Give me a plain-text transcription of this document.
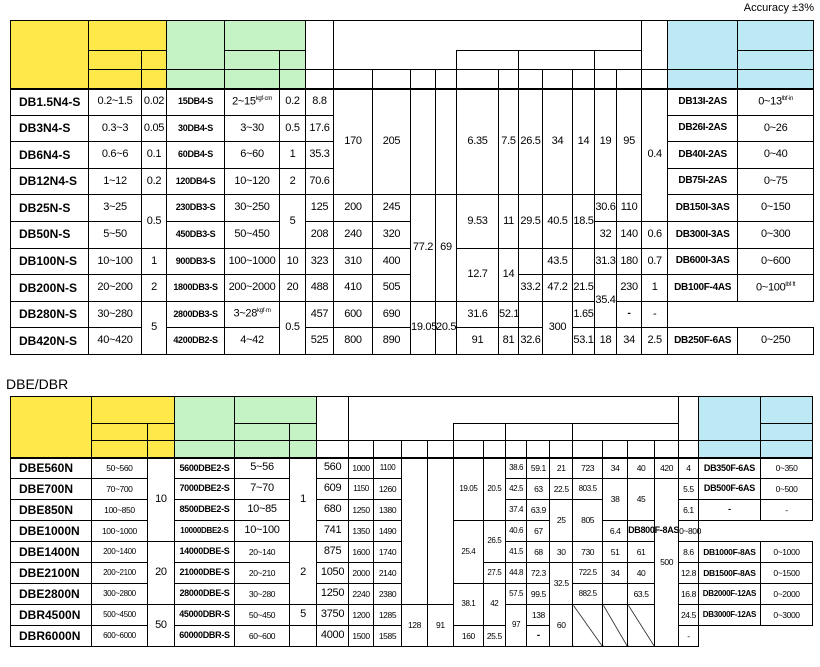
Accuracy ±3%

DB1.5N4-S	0.2~1.5	0.02	15DB4-S	$2\sim 15^{kgf\cdot cm}$	0.2	8.8	170	205			6.35	7.5	26.5	34	14	19	95	0.4	DB13I-2AS	$0\sim 13^{lbf\cdot in}$
DB3N4-S	0.3~3	0.05	30DB4-S	3~30	0.5	17.6													DB26I-2AS	0~26
DB6N4-S	0.6~6	0.1	60DB4-S	6~60	1	35.3													DB40I-2AS	0~40
DB12N4-S	1~12	0.2	120DB4-S	10~120	2	70.6													DB75I-2AS	0~75
DB25N-S	3~25	0.5	230DB3-S	30~250	5	125	200	245	77.2	69	9.53	11	29.5	40.5	18.5	30.6	110		DB150I-3AS	0~150
DB50N-S	5~50		450DB3-S	50~450		208	240	320								32	140	0.6	DB300I-3AS	0~300
DB100N-S	10~100	1	900DB3-S	100~1000	10	323	310	400			12.7	14		43.5		31.3	180	0.7	DB600I-3AS	0~600
DB200N-S	20~200	2	1800DB3-S	200~2000	20	488	410	505					33.2	47.2	21.5	35.4	230	1	DB100F-4AS	$0\sim 100^{lbf\cdot ft}$
DB280N-S	30~280	5	2800DB3-S	$3\sim 28^{kgf\cdot m}$	0.5	457	600	690	19.05	20.5	31.6	52.1		300	1.65		-	-		
DB420N-S	40~420		4200DB2-S	4~42		525	800	890			91	81	32.6		53.1	18	34	2.5	DB250F-6AS	0~250
DBE/DBR

DBE560N	50~560	10	5600DBE2-S	5~56	1	560	1000	1100			19.05	20.5	38.6	59.1	21	723	34	40	420	4	DB350F-6AS	0~350
DBE700N	70~700		7000DBE2-S	7~70		609	1150	1260					42.5	63	22.5	803.5	38	45	500	5.5	DB500F-6AS	0~500
DBE850N	100~850		8500DBE2-S	10~85		680	1250	1380					37.4	63.9	25	805				6.1	-	-
DBE1000N	100~1000		10000DBE2-S	10~100		741	1350	1490			25.4	26.5	40.6	67			6.4	DB800F-8AS		0~800		
DBE1400N	200~1400	20	14000DBE-S	20~140	2	875	1600	1740					41.5	68	30	730	51	61		8.6	DB1000F-8AS	0~1000
DBE2100N	200~2100		21000DBE-S	20~210		1050	2000	2140				27.5	44.8	72.3	32.5	722.5	34	40		12.8	DB1500F-8AS	0~1500
DBE2800N	300~2800		28000DBE-S	30~280		1250	2240	2380			38.1	42	57.5	99.5		882.5		63.5		16.8	DB2000F-12AS	0~2000
DBR4500N	500~4500	50	45000DBR-S	50~450	5	3750	1200	1285	128	91			97	138	60					24.5	DB3000F-12AS	0~3000
DBR6000N	600~6000		60000DBR-S	60~600		4000	1500	1585			160	25.5		-						-		
